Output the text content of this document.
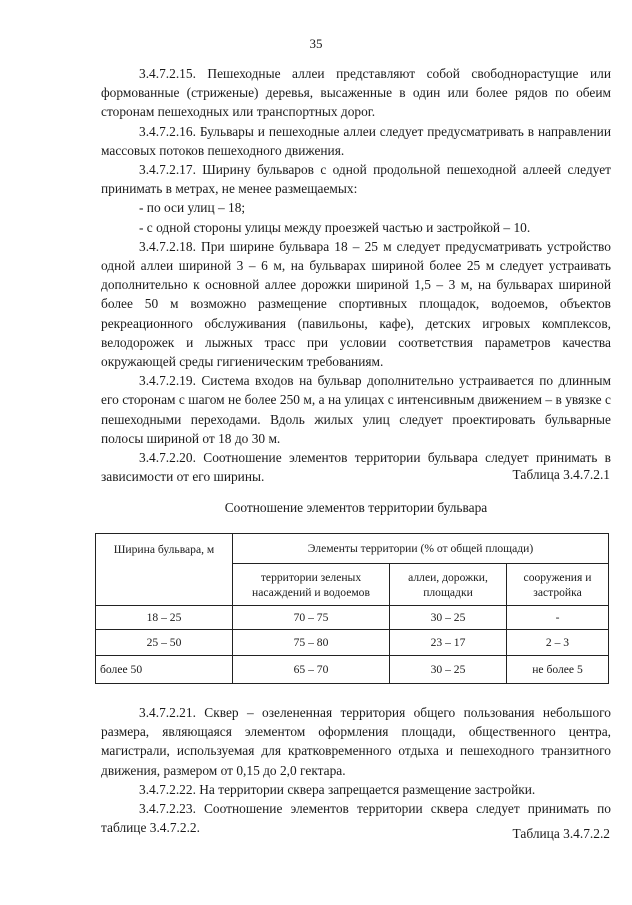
35

3.4.7.2.15. Пешеходные аллеи представляют собой свободнорастущие или формованные (стриженые) деревья, высаженные в один или более рядов по обеим сторонам пешеходных или транспортных дорог.

3.4.7.2.16. Бульвары и пешеходные аллеи следует предусматривать в направлении массовых потоков пешеходного движения.

3.4.7.2.17. Ширину бульваров с одной продольной пешеходной аллеей следует принимать в метрах, не менее размещаемых:

- по оси улиц – 18;

- с одной стороны улицы между проезжей частью и застройкой – 10.

3.4.7.2.18. При ширине бульвара 18 – 25 м следует предусматривать устройство одной аллеи шириной 3 – 6 м, на бульварах шириной более 25 м следует устраивать дополнительно к основной аллее дорожки шириной 1,5 – 3 м, на бульварах шириной более 50 м возможно размещение спортивных площадок, водоемов, объектов рекреационного обслуживания (павильоны, кафе), детских игровых комплексов, велодорожек и лыжных трасс при условии соответствия параметров качества окружающей среды гигиеническим требованиям.

3.4.7.2.19. Система входов на бульвар дополнительно устраивается по длинным его сторонам с шагом не более 250 м, а на улицах с интенсивным движением – в увязке с пешеходными переходами. Вдоль жилых улиц следует проектировать бульварные полосы шириной от 18 до 30 м.

3.4.7.2.20. Соотношение элементов территории бульвара следует принимать в зависимости от его ширины.	Таблица 3.4.7.2.1
Соотношение элементов территории бульвара
Ширина бульвара, м	Элементы территории (% от общей площади)		
	территории зеленых насаждений и водоемов	аллеи, дорожки, площадки	сооружения и застройка
18 – 25	70 – 75	30 – 25	-
25 – 50	75 – 80	23 – 17	2 – 3
более 50	65 – 70	30 – 25	не более 5

3.4.7.2.21. Сквер – озелененная территория общего пользования небольшого размера, являющаяся элементом оформления площади, общественного центра, магистрали, используемая для кратковременного отдыха и пешеходного транзитного движения, размером от 0,15 до 2,0 гектара.

3.4.7.2.22. На территории сквера запрещается размещение застройки.

3.4.7.2.23. Соотношение элементов территории сквера следует принимать по таблице 3.4.7.2.2.	Таблица 3.4.7.2.2
